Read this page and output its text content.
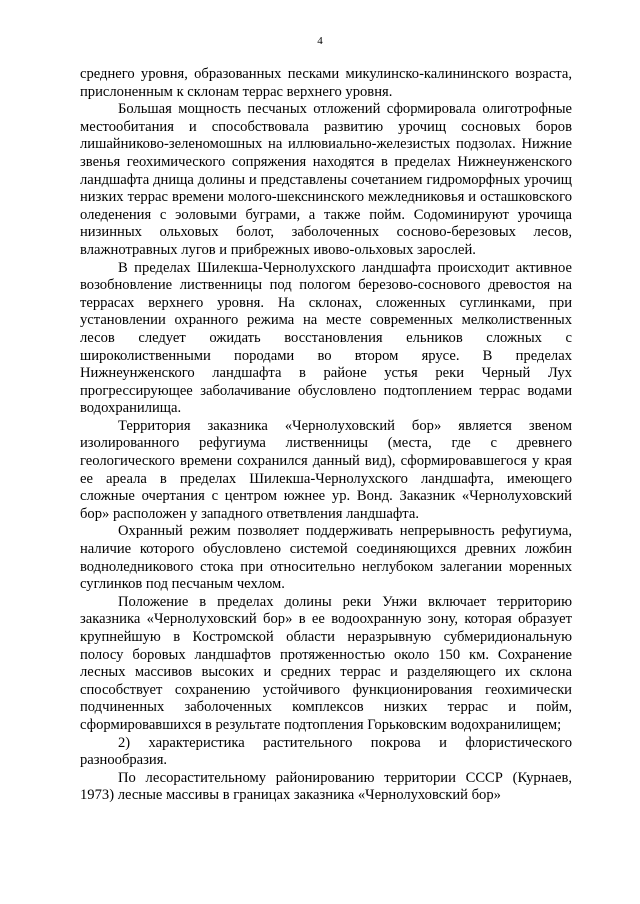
4

среднего уровня, образованных песками микулинско-калининского возраста, прислоненным к склонам террас верхнего уровня.

Большая мощность песчаных отложений сформировала олиготрофные местообитания и способствовала развитию урочищ сосновых боров лишайниково-зеленомошных на иллювиально-железистых подзолах. Нижние звенья геохимического сопряжения находятся в пределах Нижнеунженского ландшафта днища долины и представлены сочетанием гидроморфных урочищ низких террас времени молого-шекснинского межледниковья и осташковского оледенения с эоловыми буграми, а также пойм. Содоминируют урочища низинных ольховых болот, заболоченных сосново-березовых лесов, влажнотравных лугов и прибрежных ивово-ольховых зарослей.

В пределах Шилекша-Чернолухского ландшафта происходит активное возобновление лиственницы под пологом березово-соснового древостоя на террасах верхнего уровня. На склонах, сложенных суглинками, при установлении охранного режима на месте современных мелколиственных лесов следует ожидать восстановления ельников сложных с широколиственными породами во втором ярусе. В пределах Нижнеунженского ландшафта в районе устья реки Черный Лух прогрессирующее заболачивание обусловлено подтоплением террас водами водохранилища.

Территория заказника «Чернолуховский бор» является звеном изолированного рефугиума лиственницы (места, где с древнего геологического времени сохранился данный вид), сформировавшегося у края ее ареала в пределах Шилекша-Чернолухского ландшафта, имеющего сложные очертания с центром южнее ур. Вонд. Заказник «Чернолуховский бор» расположен у западного ответвления ландшафта.

Охранный режим позволяет поддерживать непрерывность рефугиума, наличие которого обусловлено системой соединяющихся древних ложбин водноледникового стока при относительно неглубоком залегании моренных суглинков под песчаным чехлом.

Положение в пределах долины реки Унжи включает территорию заказника «Чернолуховский бор» в ее водоохранную зону, которая образует крупнейшую в Костромской области неразрывную субмеридиональную полосу боровых ландшафтов протяженностью около 150 км. Сохранение лесных массивов высоких и средних террас и разделяющего их склона способствует сохранению устойчивого функционирования геохимически подчиненных заболоченных комплексов низких террас и пойм, сформировавшихся в результате подтопления Горьковским водохранилищем;

2) характеристика растительного покрова и флористического разнообразия.

По лесорастительному районированию территории СССР (Курнаев, 1973) лесные массивы в границах заказника «Чернолуховский бор»
